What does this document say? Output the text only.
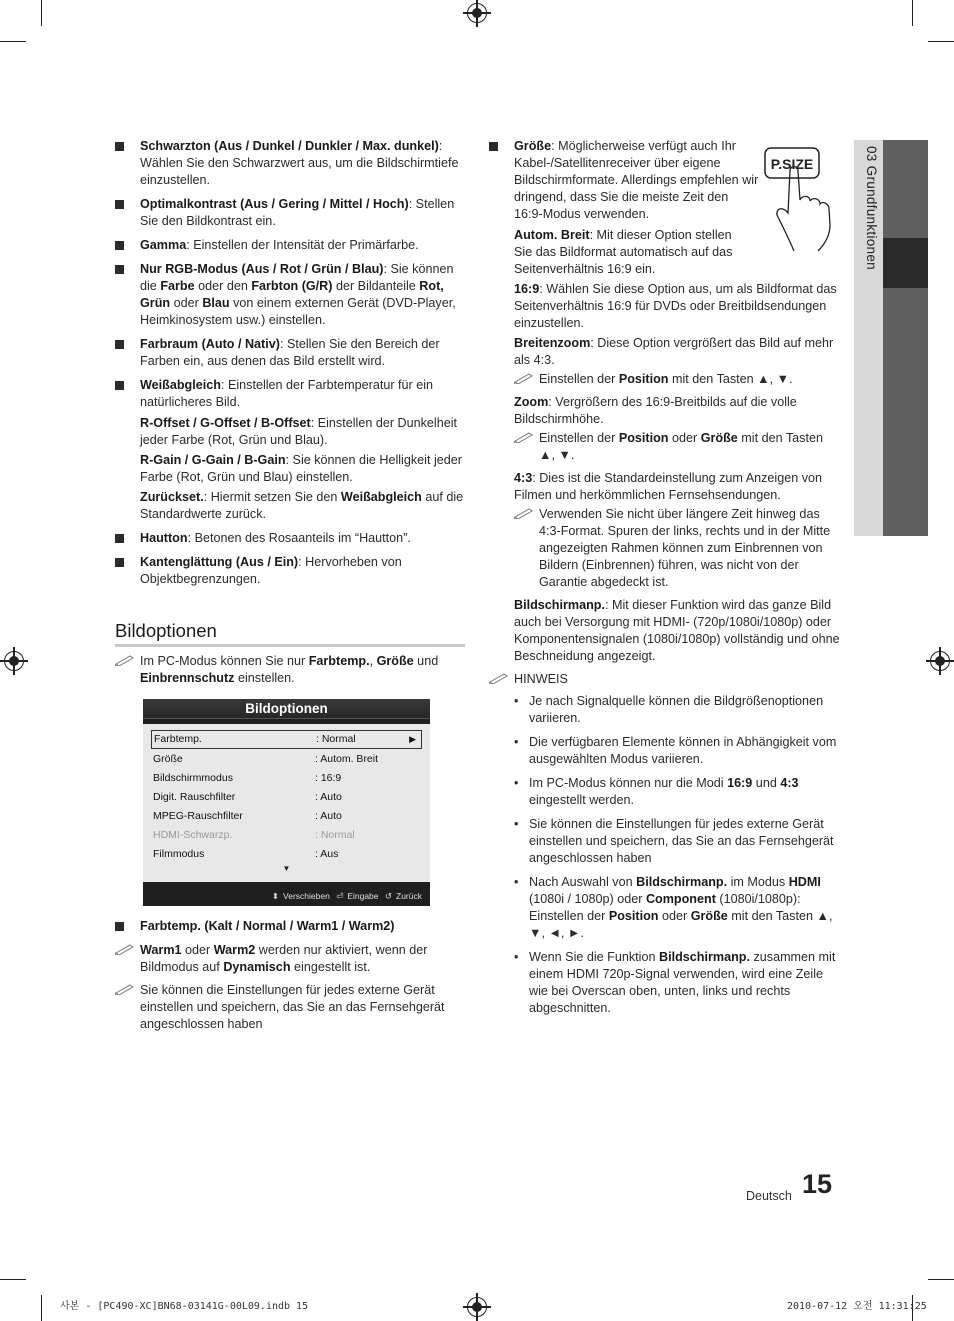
03 Grundfunktionen

Schwarzton (Aus / Dunkel / Dunkler / Max. dunkel): Wählen Sie den Schwarzwert aus, um die Bildschirmtiefe einzustellen.

Optimalkontrast (Aus / Gering / Mittel / Hoch): Stellen Sie den Bildkontrast ein.

Gamma: Einstellen der Intensität der Primärfarbe.

Nur RGB-Modus (Aus / Rot / Grün / Blau): Sie können die Farbe oder den Farbton (G/R) der Bildanteile Rot, Grün oder Blau von einem externen Gerät (DVD-Player, Heimkinosystem usw.) einstellen.

Farbraum (Auto / Nativ): Stellen Sie den Bereich der Farben ein, aus denen das Bild erstellt wird.

Weißabgleich: Einstellen der Farbtemperatur für ein natürlicheres Bild.

R-Offset / G-Offset / B-Offset: Einstellen der Dunkelheit jeder Farbe (Rot, Grün und Blau).

R-Gain / G-Gain / B-Gain: Sie können die Helligkeit jeder Farbe (Rot, Grün und Blau) einstellen.

Zurückset.: Hiermit setzen Sie den Weißabgleich auf die Standardwerte zurück.

Hautton: Betonen des Rosaanteils im “Hautton”.

Kantenglättung (Aus / Ein): Hervorheben von Objektbegrenzungen.

Bildoptionen
Im PC-Modus können Sie nur Farbtemp., Größe und Einbrennschutz einstellen.
Bildoptionen
Farbtemp.	: Normal	▶
Größe	: Autom. Breit
Bildschirmmodus	: 16:9
Digit. Rauschfilter	: Auto
MPEG-Rauschfilter	: Auto
HDMI-Schwarzp.	: Normal
Filmmodus	: Aus
▼
⬍ Verschieben ⏎ Eingabe ↺ Zurück

Farbtemp. (Kalt / Normal / Warm1 / Warm2)

Warm1 oder Warm2 werden nur aktiviert, wenn der Bildmodus auf Dynamisch eingestellt ist.
Sie können die Einstellungen für jedes externe Gerät einstellen und speichern, das Sie an das Fernsehgerät angeschlossen haben
P.SIZE

Größe: Möglicherweise verfügt auch Ihr Kabel-/Satellitenreceiver über eigene Bildschirmformate. Allerdings empfehlen wir dringend, dass Sie die meiste Zeit den 16:9-Modus verwenden.

Autom. Breit: Mit dieser Option stellen Sie das Bildformat automatisch auf das Seitenverhältnis 16:9 ein.

16:9: Wählen Sie diese Option aus, um als Bildformat das Seitenverhältnis 16:9 für DVDs oder Breitbildsendungen einzustellen.

Breitenzoom: Diese Option vergrößert das Bild auf mehr als 4:3.

Einstellen der Position mit den Tasten ▲, ▼.

Zoom: Vergrößern des 16:9-Breitbilds auf die volle Bildschirmhöhe.

Einstellen der Position oder Größe mit den Tasten ▲, ▼.

4:3: Dies ist die Standardeinstellung zum Anzeigen von Filmen und herkömmlichen Fernsehsendungen.

Verwenden Sie nicht über längere Zeit hinweg das 4:3-Format. Spuren der links, rechts und in der Mitte angezeigten Rahmen können zum Einbrennen von Bildern (Einbrennen) führen, was nicht von der Garantie abgedeckt ist.

Bildschirmanp.: Mit dieser Funktion wird das ganze Bild auch bei Versorgung mit HDMI- (720p/1080i/1080p) oder Komponentensignalen (1080i/1080p) vollständig und ohne Beschneidung angezeigt.

HINWEIS
• Je nach Signalquelle können die Bildgrößenoptionen variieren.
• Die verfügbaren Elemente können in Abhängigkeit vom ausgewählten Modus variieren.
• Im PC-Modus können nur die Modi 16:9 und 4:3 eingestellt werden.
• Sie können die Einstellungen für jedes externe Gerät einstellen und speichern, das Sie an das Fernsehgerät angeschlossen haben
• Nach Auswahl von Bildschirmanp. im Modus HDMI (1080i / 1080p) oder Component (1080i/1080p): Einstellen der Position oder Größe mit den Tasten ▲, ▼, ◄, ►.
• Wenn Sie die Funktion Bildschirmanp. zusammen mit einem HDMI 720p-Signal verwenden, wird eine Zeile wie bei Overscan oben, unten, links und rechts abgeschnitten.
Deutsch 15
사본 - [PC490-XC]BN68-03141G-00L09.indb 15	2010-07-12 오전 11:31:25
